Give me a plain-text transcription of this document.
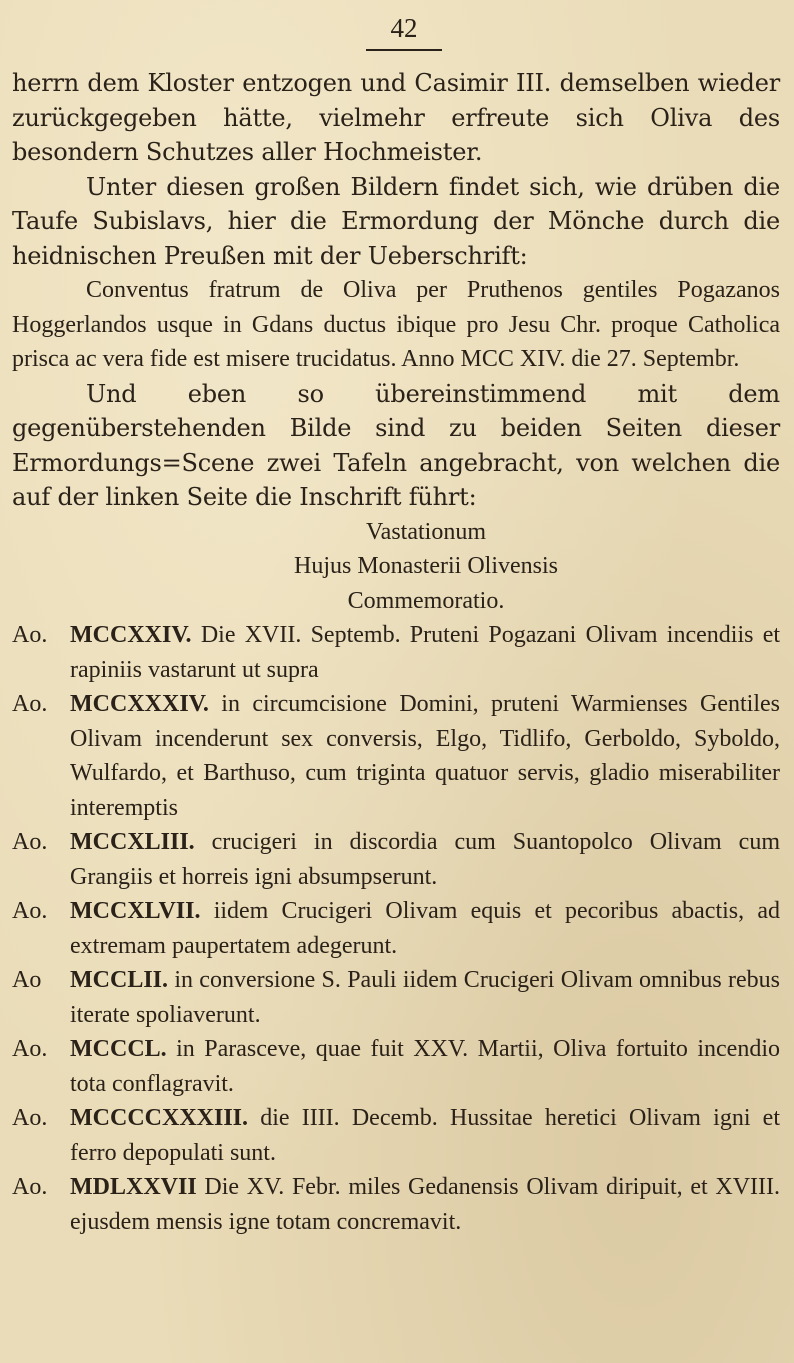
42

herrn dem Kloster entzogen und Casimir III. demselben wieder zurückgegeben hätte, vielmehr erfreute sich Oliva des besondern Schutzes aller Hochmeister.

Unter diesen großen Bildern findet sich, wie drüben die Taufe Subislavs, hier die Ermordung der Mönche durch die heidnischen Preußen mit der Ueberschrift:

Conventus fratrum de Oliva per Pruthenos gentiles Pogazanos Hoggerlandos usque in Gdans ductus ibique pro Jesu Chr. proque Catholica prisca ac vera fide est misere trucidatus. Anno MCC XIV. die 27. Septembr.

Und eben so übereinstimmend mit dem gegenüberstehenden Bilde sind zu beiden Seiten dieser Ermordungs=Scene zwei Tafeln angebracht, von welchen die auf der linken Seite die Inschrift führt:

Vastationum

Hujus Monasterii Olivensis

Commemoratio.

Ao. MCCXXIV. Die XVII. Septemb. Pruteni Pogazani Olivam incendiis et rapiniis vastarunt ut supra

Ao. MCCXXXIV. in circumcisione Domini, pruteni Warmienses Gentiles Olivam incenderunt sex conversis, Elgo, Tidlifo, Gerboldo, Syboldo, Wulfardo, et Barthuso, cum triginta quatuor servis, gladio miserabiliter interemptis

Ao. MCCXLIII. crucigeri in discordia cum Suantopolco Olivam cum Grangiis et horreis igni absumpserunt.

Ao. MCCXLVII. iidem Crucigeri Olivam equis et pecoribus abactis, ad extremam paupertatem adegerunt.

Ao MCCLII. in conversione S. Pauli iidem Crucigeri Olivam omnibus rebus iterate spoliaverunt.

Ao. MCCCL. in Parasceve, quae fuit XXV. Martii, Oliva fortuito incendio tota conflagravit.

Ao. MCCCCXXXIII. die IIII. Decemb. Hussitae heretici Olivam igni et ferro depopulati sunt.

Ao. MDLXXVII Die XV. Febr. miles Gedanensis Olivam diripuit, et XVIII. ejusdem mensis igne totam concremavit.
